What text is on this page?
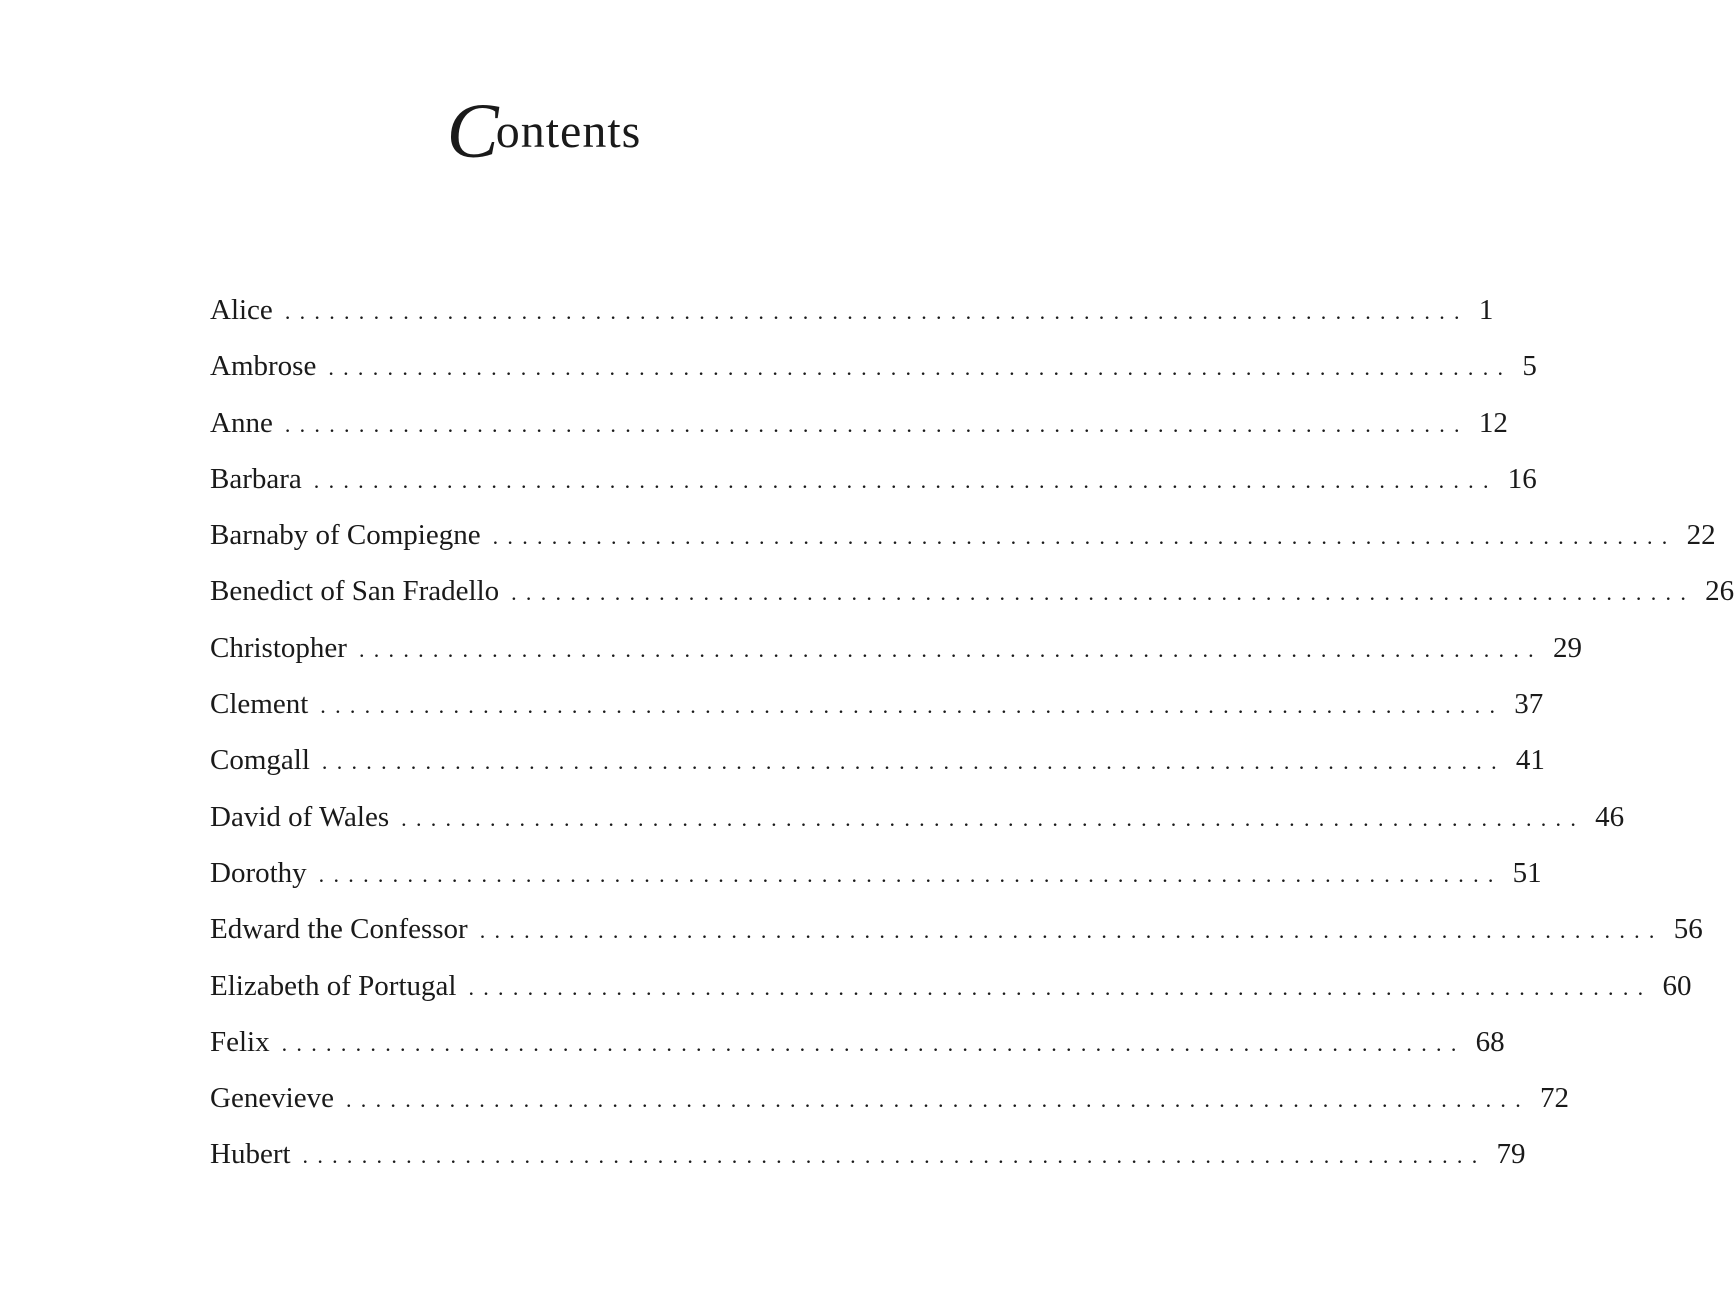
Contents
Alice ................................................................................ 1
Ambrose ................................................................................ 5
Anne ................................................................................ 12
Barbara ................................................................................ 16
Barnaby of Compiegne ................................................................................ 22
Benedict of San Fradello ................................................................................ 26
Christopher ................................................................................ 29
Clement ................................................................................ 37
Comgall ................................................................................ 41
David of Wales ................................................................................ 46
Dorothy ................................................................................ 51
Edward the Confessor ................................................................................ 56
Elizabeth of Portugal ................................................................................ 60
Felix ................................................................................ 68
Genevieve ................................................................................ 72
Hubert ................................................................................ 79
